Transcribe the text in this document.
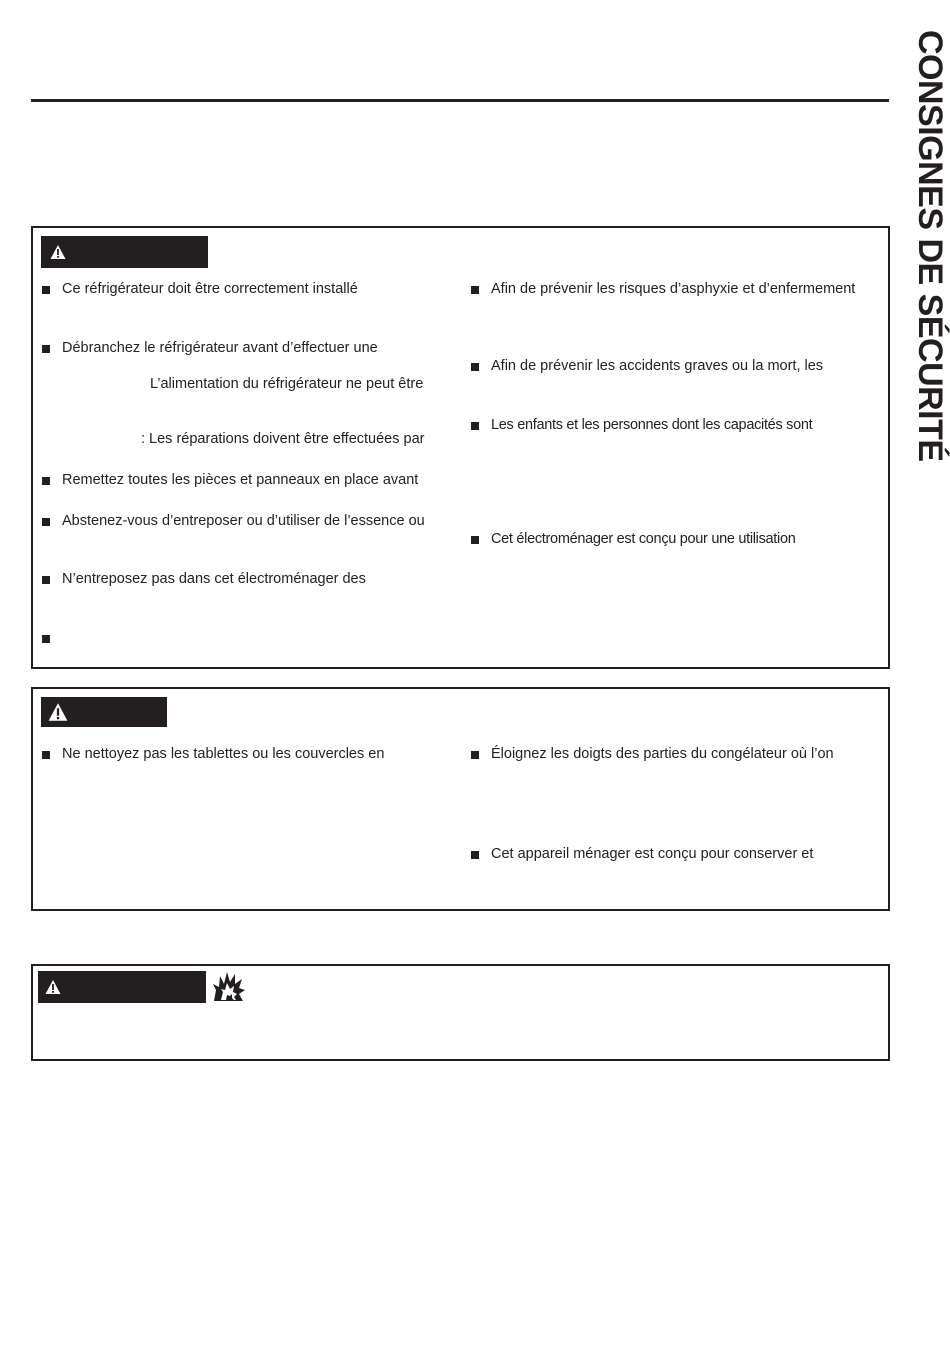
CONSIGNES DE SÉCURITÉ
Ce réfrigérateur doit être correctement installé
Débranchez le réfrigérateur avant d’effectuer une
L’alimentation du réfrigérateur ne peut être
: Les réparations doivent être effectuées par
Remettez toutes les pièces et panneaux en place avant
Abstenez-vous d’entreposer ou d’utiliser de l’essence ou
N’entreposez pas dans cet électroménager des
Afin de prévenir les risques d’asphyxie et d’enfermement
Afin de prévenir les accidents graves ou la mort, les
Les enfants et les personnes dont les capacités sont
Cet électroménager est conçu pour une utilisation
Ne nettoyez pas les tablettes ou les couvercles en	Éloignez les doigts des parties du congélateur où l’on
Cet appareil ménager est conçu pour conserver et
